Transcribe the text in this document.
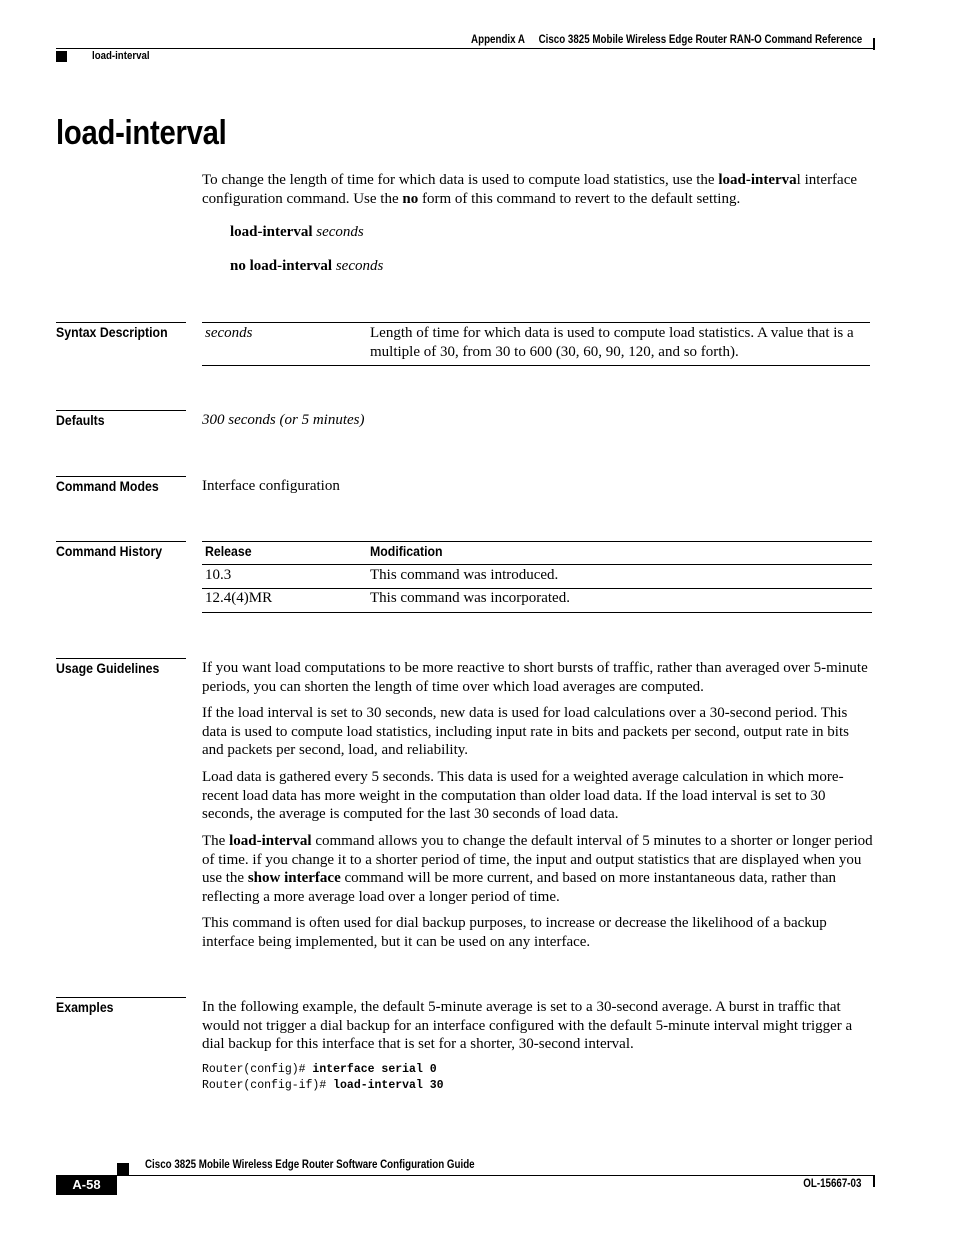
Appendix A Cisco 3825 Mobile Wireless Edge Router RAN-O Command Reference
load-interval
load-interval
To change the length of time for which data is used to compute load statistics, use the load-interval interface configuration command. Use the no form of this command to revert to the default setting.
load-interval seconds
no load-interval seconds
Syntax Description seconds	Length of time for which data is used to compute load statistics. A value that is a multiple of 30, from 30 to 600 (30, 60, 90, 120, and so forth).
Defaults	300 seconds (or 5 minutes)
Command Modes	Interface configuration
Command History	Release	Modification
10.3	This command was introduced.
12.4(4)MR	This command was incorporated.
Usage Guidelines	If you want load computations to be more reactive to short bursts of traffic, rather than averaged over 5-minute periods, you can shorten the length of time over which load averages are computed.
If the load interval is set to 30 seconds, new data is used for load calculations over a 30-second period. This data is used to compute load statistics, including input rate in bits and packets per second, output rate in bits and packets per second, load, and reliability.
Load data is gathered every 5 seconds. This data is used for a weighted average calculation in which more-recent load data has more weight in the computation than older load data. If the load interval is set to 30 seconds, the average is computed for the last 30 seconds of load data.
The load-interval command allows you to change the default interval of 5 minutes to a shorter or longer period of time. if you change it to a shorter period of time, the input and output statistics that are displayed when you use the show interface command will be more current, and based on more instantaneous data, rather than reflecting a more average load over a longer period of time.
This command is often used for dial backup purposes, to increase or decrease the likelihood of a backup interface being implemented, but it can be used on any interface.
Examples	In the following example, the default 5-minute average is set to a 30-second average. A burst in traffic that would not trigger a dial backup for an interface configured with the default 5-minute interval might trigger a dial backup for this interface that is set for a shorter, 30-second interval.
Router(config)# interface serial 0
Router(config-if)# load-interval 30
Cisco 3825 Mobile Wireless Edge Router Software Configuration Guide
A-58	OL-15667-03
